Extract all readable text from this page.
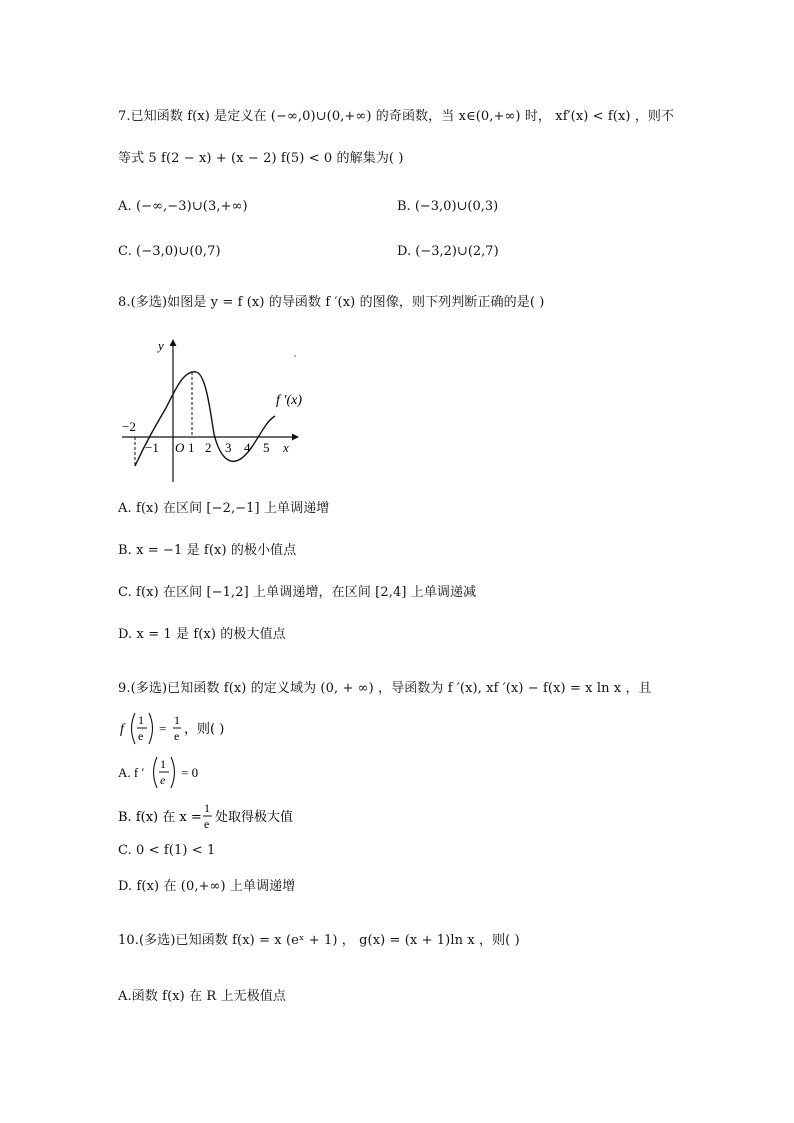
7.已知函数 f(x) 是定义在 (−∞,0)∪(0,+∞) 的奇函数，当 x∈(0,+∞) 时， xf′(x) < f(x) ，则不
等式 5 f(2 − x) + (x − 2) f(5) < 0 的解集为( )
A. (−∞,−3)∪(3,+∞)	B. (−3,0)∪(0,3)
C. (−3,0)∪(0,7)	D. (−3,2)∪(2,7)
8.(多选)如图是 y = f (x) 的导函数 f ′(x) 的图像，则下列判断正确的是( )
y
x
f ′(x)
−2
O
−1 1 2 3 4 5
A. f(x) 在区间 [−2,−1] 上单调递增
B. x = −1 是 f(x) 的极小值点
C. f(x) 在区间 [−1,2] 上单调递增，在区间 [2,4] 上单调递减
D. x = 1 是 f(x) 的极大值点
9.(多选)已知函数 f(x) 的定义域为 (0, + ∞) ，导函数为 f ′(x), xf ′(x) − f(x) = x ln x ，且
f
1
e =
1
e ，则( )
A. f ′
1
e = 0
B. f(x) 在 x =
1
e 处取得极大值
C. 0 < f(1) < 1
D. f(x) 在 (0,+∞) 上单调递增
10.(多选)已知函数 f(x) = x (eˣ + 1) ， g(x) = (x + 1)ln x ，则( )
A.函数 f(x) 在 R 上无极值点
